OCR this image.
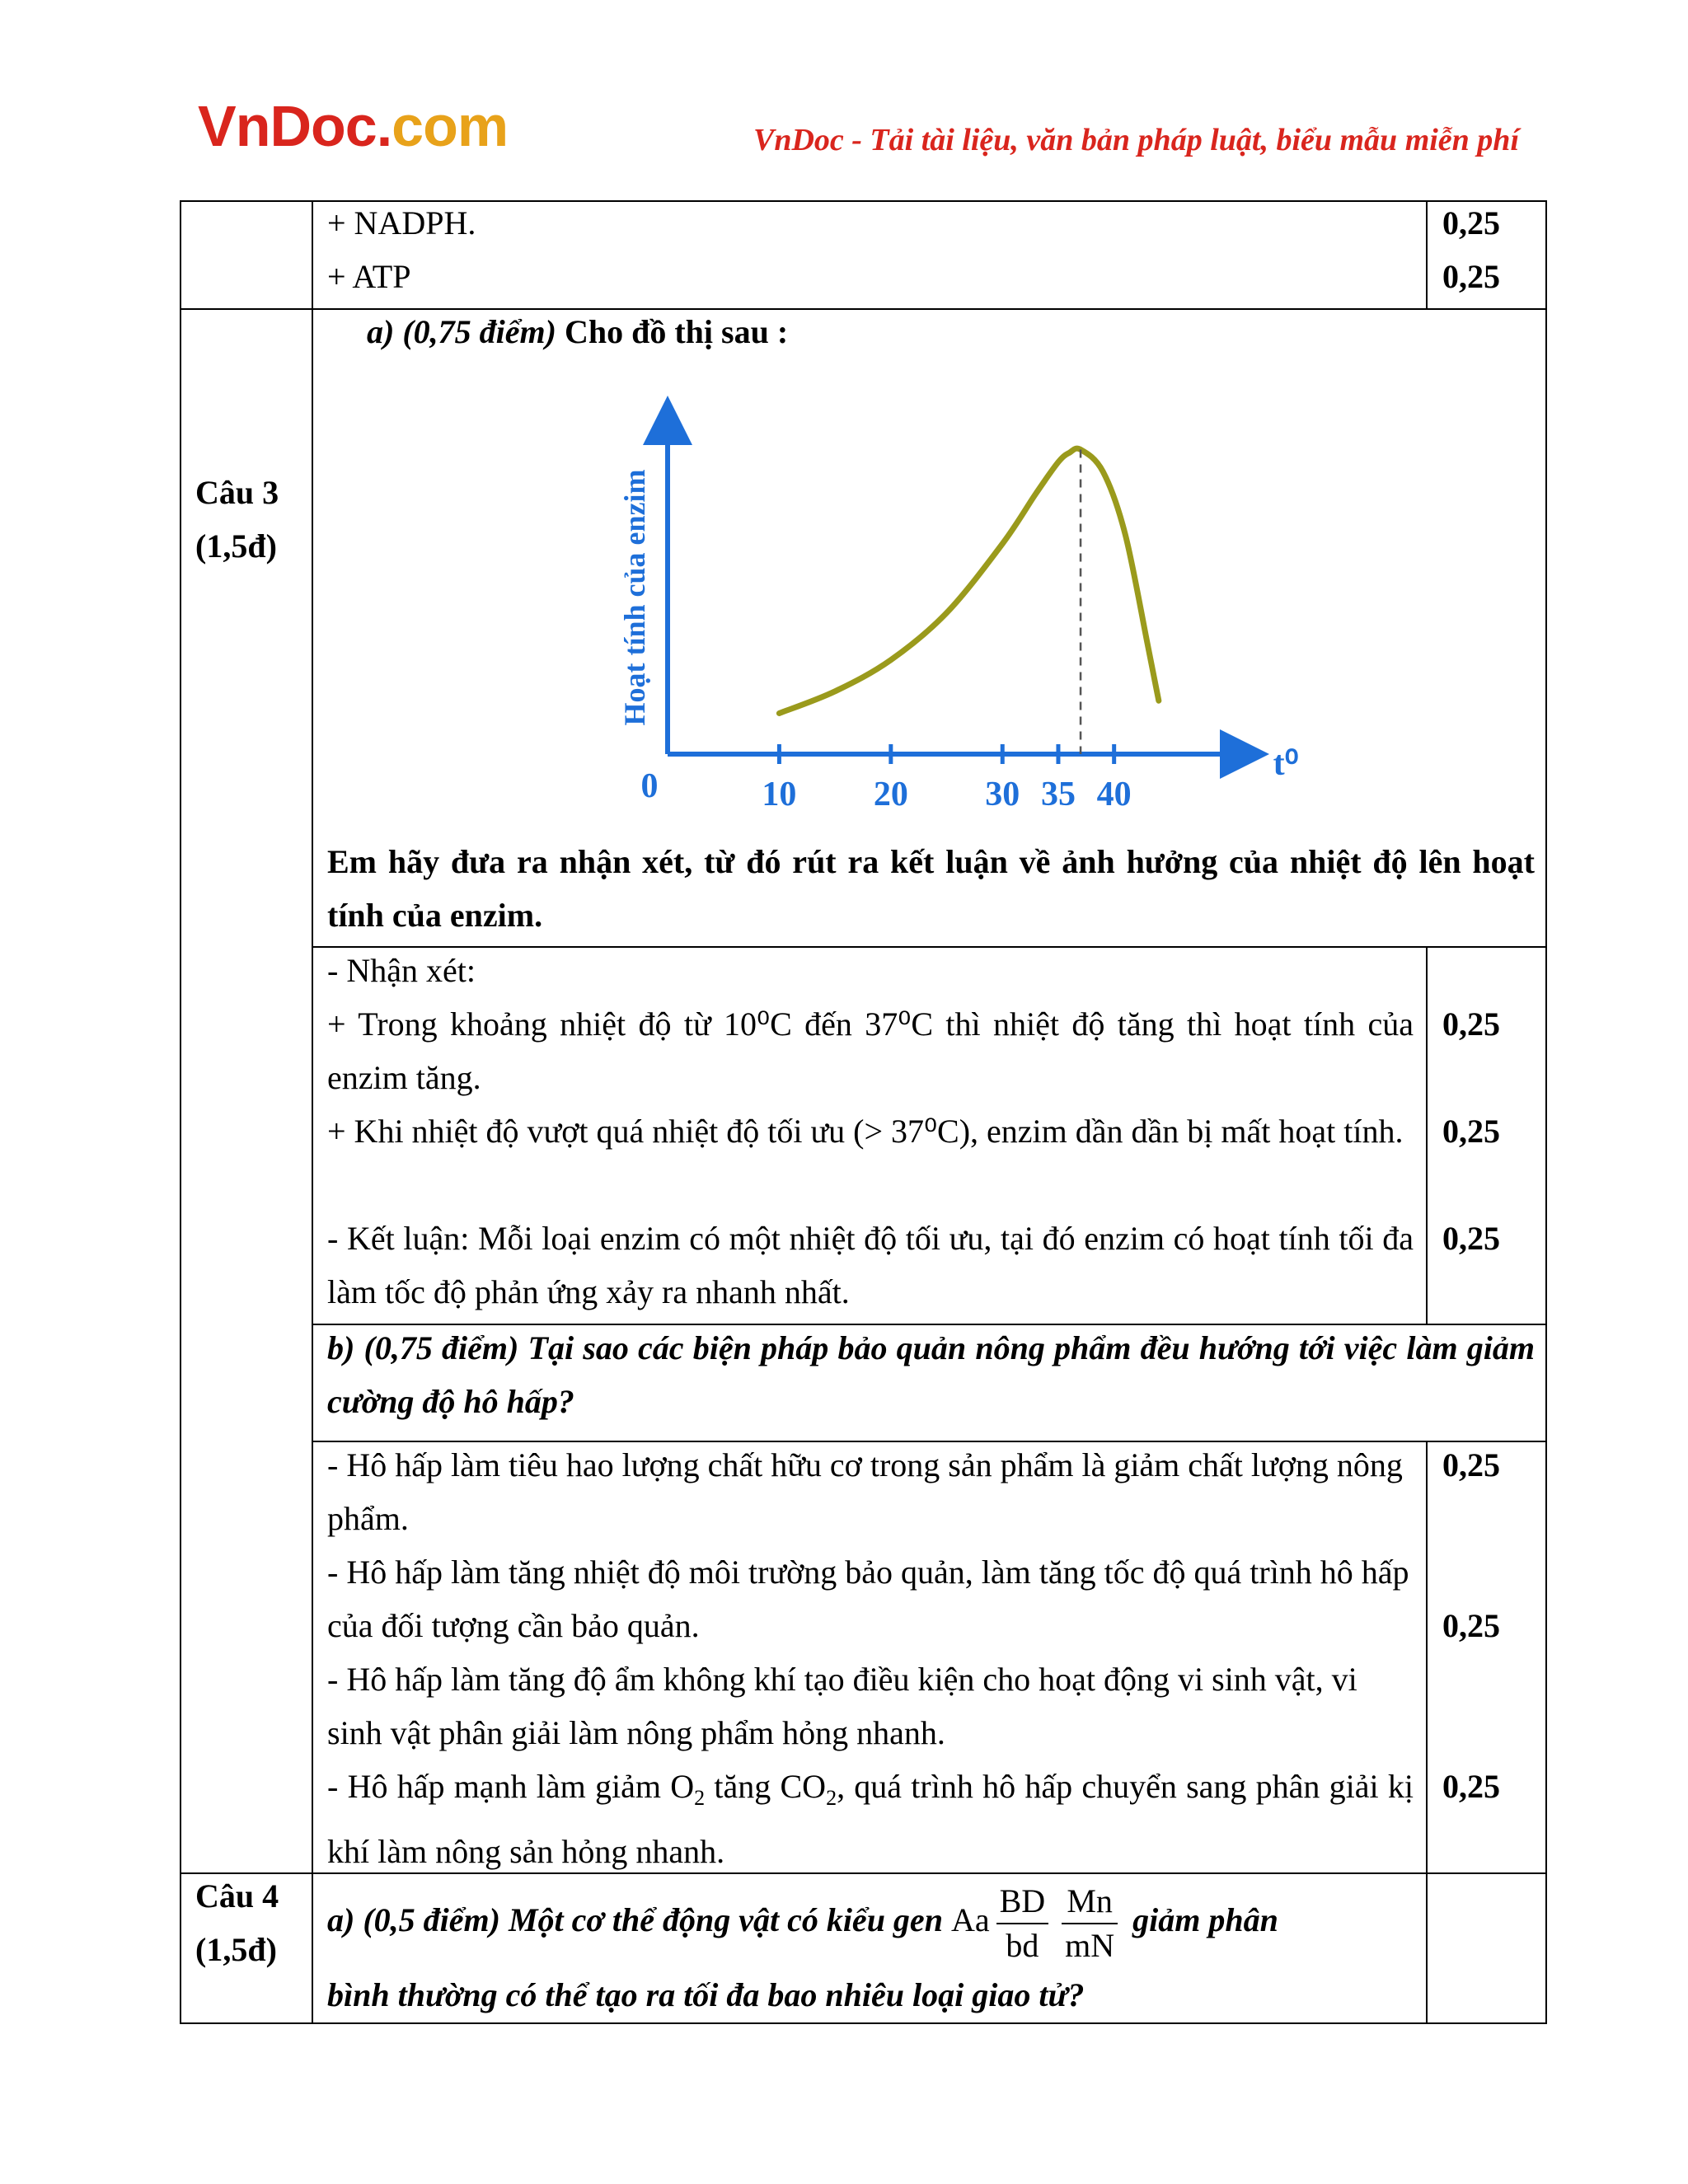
VnDoc.com	VnDoc - Tải tài liệu, văn bản pháp luật, biểu mẫu miễn phí
+ NADPH.
+ ATP
0,25
0,25
Câu 3
(1,5đ)
a) (0,75 điểm) Cho đồ thị sau :
10 20 30 35 40
0
t⁰
Hoạt tính của enzim
Em hãy đưa ra nhận xét, từ đó rút ra kết luận về ảnh hưởng của nhiệt độ lên hoạt tính của enzim.
- Nhận xét:
+ Trong khoảng nhiệt độ từ 10⁰C đến 37⁰C thì nhiệt độ tăng thì hoạt tính của enzim tăng.
+ Khi nhiệt độ vượt quá nhiệt độ tối ưu (> 37⁰C), enzim dần dần bị mất hoạt tính.
- Kết luận: Mỗi loại enzim có một nhiệt độ tối ưu, tại đó enzim có hoạt tính tối đa làm tốc độ phản ứng xảy ra nhanh nhất.
0,25
0,25
0,25
b) (0,75 điểm) Tại sao các biện pháp bảo quản nông phẩm đều hướng tới việc làm giảm cường độ hô hấp?
- Hô hấp làm tiêu hao lượng chất hữu cơ trong sản phẩm là giảm chất lượng nông phẩm.
- Hô hấp làm tăng nhiệt độ môi trường bảo quản, làm tăng tốc độ quá trình hô hấp của đối tượng cần bảo quản.
- Hô hấp làm tăng độ ẩm không khí tạo điều kiện cho hoạt động vi sinh vật, vi sinh vật phân giải làm nông phẩm hỏng nhanh.
- Hô hấp mạnh làm giảm $O_2$ tăng $CO_2$, quá trình hô hấp chuyển sang phân giải kị khí làm nông sản hỏng nhanh.
0,25
0,25
0,25
Câu 4
(1,5đ)
a) (0,5 điểm) Một cơ thể động vật có kiểu gen Aa $\frac{BD}{bd} \frac{Mn}{mN}$ giảm phân
bình thường có thể tạo ra tối đa bao nhiêu loại giao tử?
